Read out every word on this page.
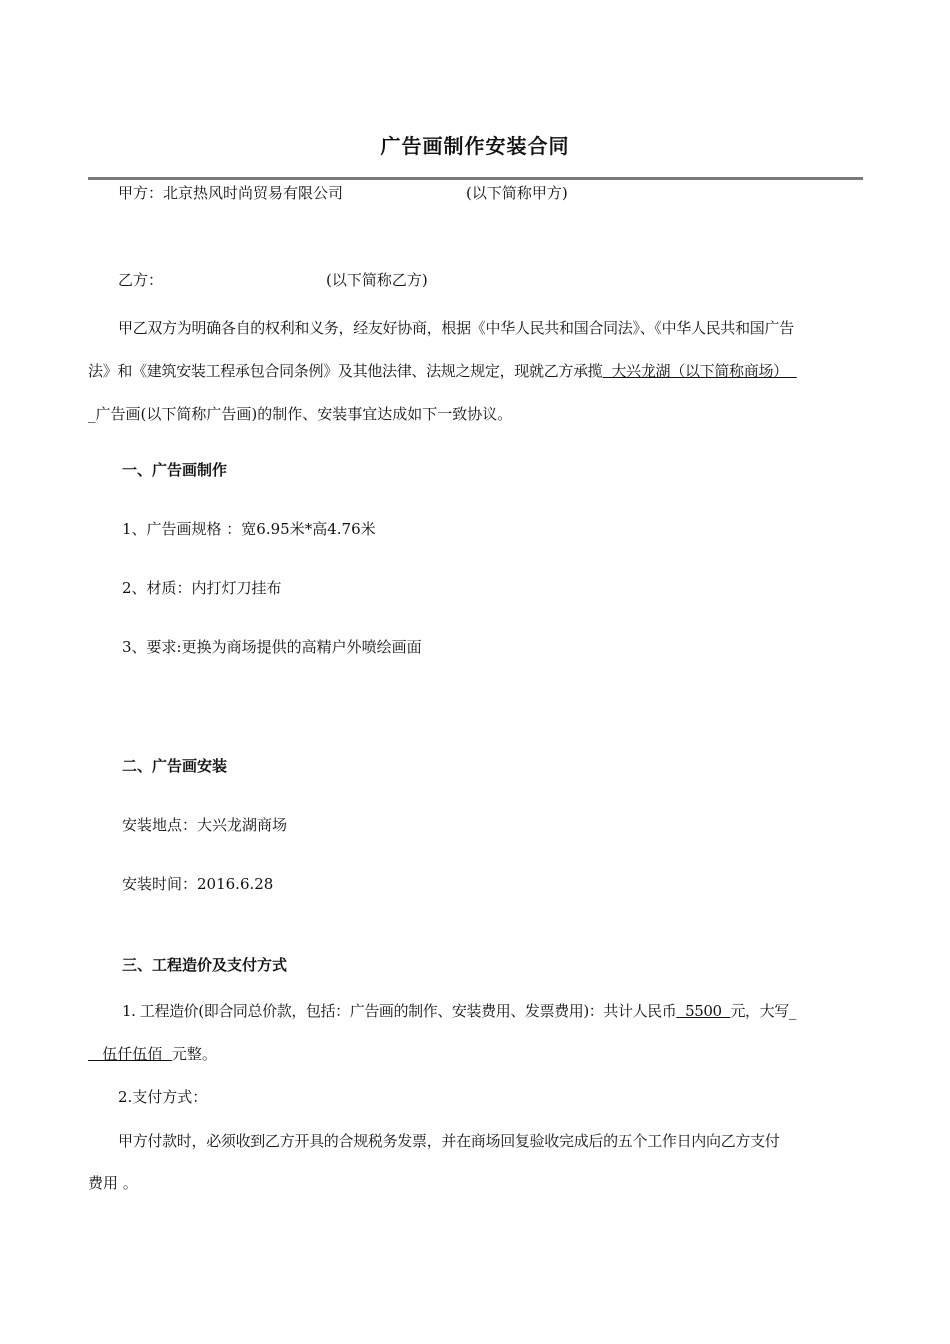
广告画制作安装合同
甲方：北京热风时尚贸易有限公司	(以下简称甲方)
乙方：	(以下简称乙方)
甲乙双方为明确各自的权利和义务，经友好协商，根据《中华人民共和国合同法》、《中华人民共和国广告
法》和《建筑安装工程承包合同条例》及其他法律、法规之规定，现就乙方承揽  大兴龙湖（以下简称商场）
_广告画(以下简称广告画)的制作、安装事宜达成如下一致协议。
一、广告画制作
1、广告画规格 ：宽6.95米*高4.76米
2、材质：内打灯刀挂布
3、要求:更换为商场提供的高精户外喷绘画面
二、广告画安装
安装地点：大兴龙湖商场
安装时间：2016.6.28
三、工程造价及支付方式
1. 工程造价(即合同总价款，包括：广告画的制作、安装费用、发票费用)：共计人民币  5500  元，大写_
伍仟伍佰  元整。
2.支付方式：
甲方付款时，必须收到乙方开具的合规税务发票，并在商场回复验收完成后的五个工作日内向乙方支付
费用 。
